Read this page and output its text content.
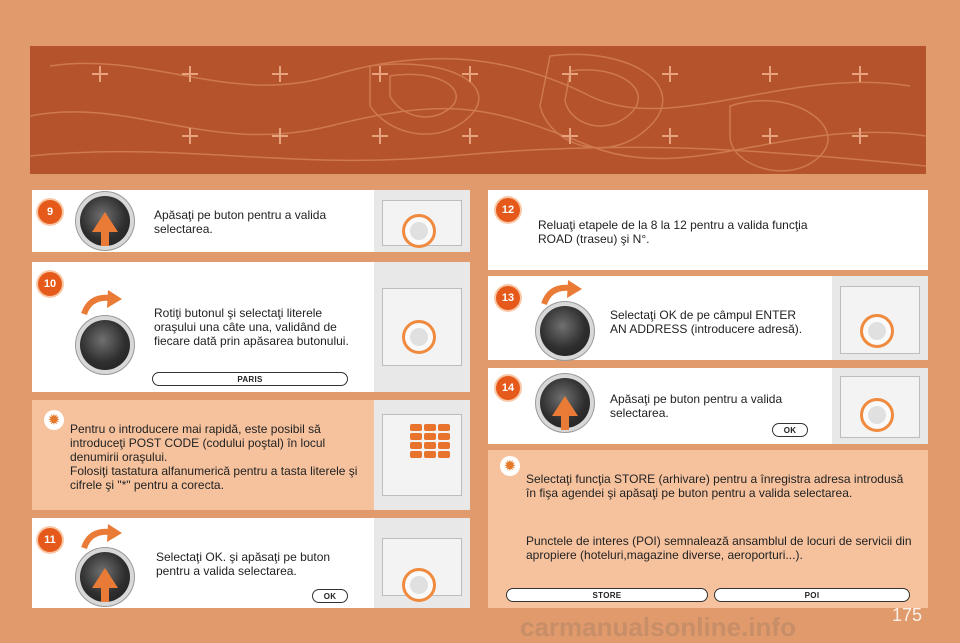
9	Apăsaţi pe buton pentru a valida selectarea.
10
Rotiţi butonul şi selectaţi literele oraşului una câte una, validând de fiecare dată prin apăsarea butonului.
PARIS
✹
Pentru o introducere mai rapidă, este posibil să introduceţi POST CODE (codului poştal) în locul denumirii oraşului.
Folosiţi tastatura alfanumerică pentru a tasta literele şi cifrele şi "*" pentru a corecta.
11
Selectaţi OK. şi apăsaţi pe buton pentru a valida selectarea.
OK
12
Reluaţi etapele de la 8 la 12 pentru a valida funcţia ROAD (traseu) şi N°.
13
Selectaţi OK de pe câmpul ENTER AN ADDRESS (introducere adresă).
14
Apăsaţi pe buton pentru a valida selectarea.
OK
✹
Selectaţi funcţia STORE (arhivare) pentru a înregistra adresa introdusă în fişa agendei şi apăsaţi pe buton pentru a valida selectarea.
Punctele de interes (POI) semnalează ansamblul de locuri de servicii din apropiere (hoteluri,magazine diverse, aeroporturi...).
STORE	POI
175
carmanualsonline.info
